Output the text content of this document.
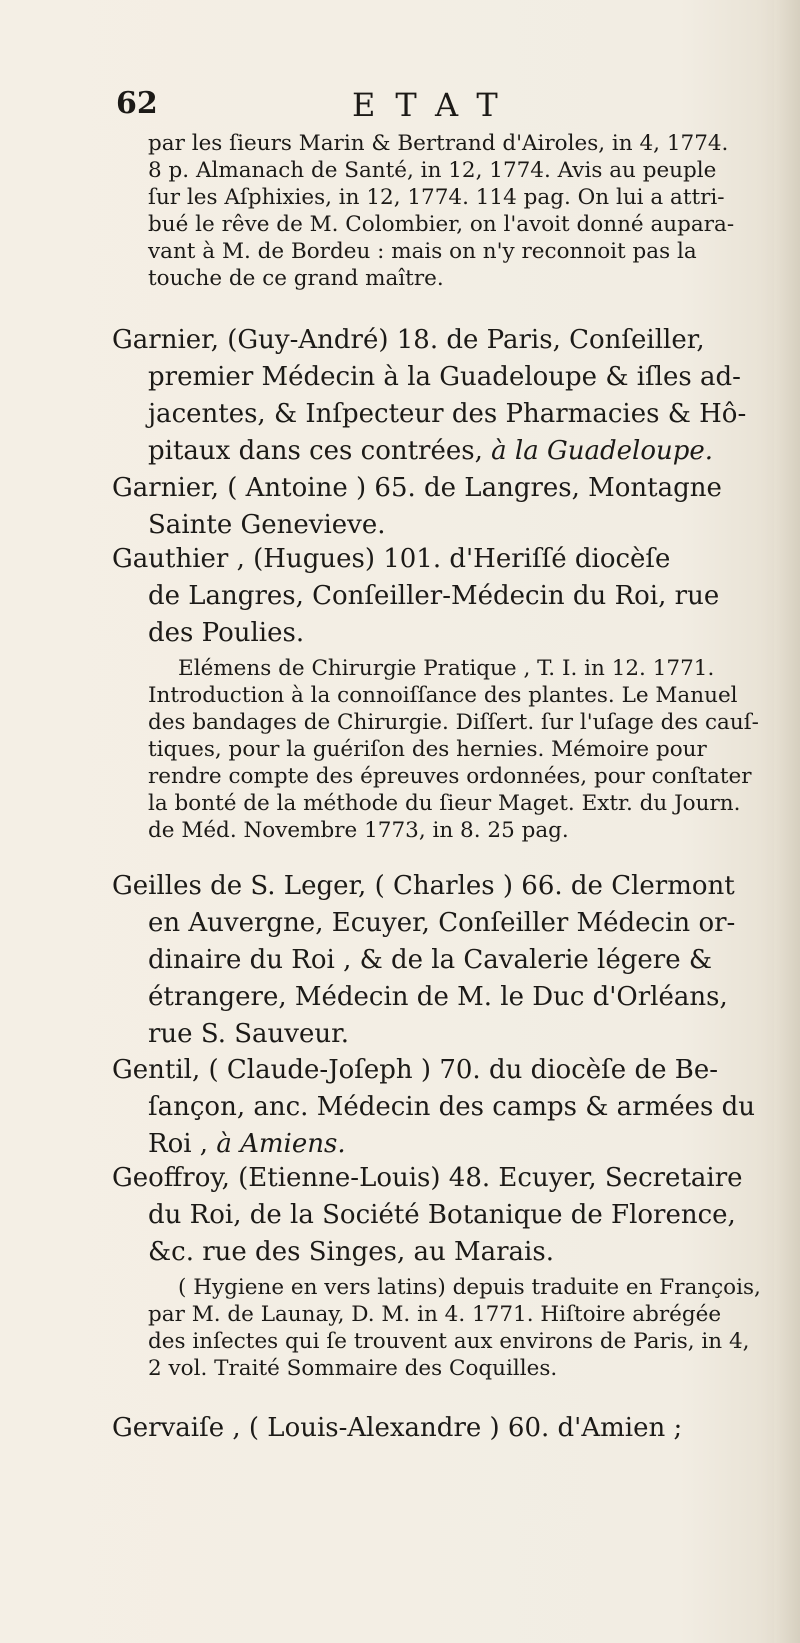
62	ETAT
par les ſieurs Marin & Bertrand d'Airoles, in 4, 1774.
8 p. Almanach de Santé, in 12, 1774. Avis au peuple
ſur les Aſphixies, in 12, 1774. 114 pag. On lui a attri-
bué le rêve de M. Colombier, on l'avoit donné aupara-
vant à M. de Bordeu : mais on n'y reconnoit pas la
touche de ce grand maître.
Garnier, (Guy-André) 18. de Paris, Conſeiller,
premier Médecin à la Guadeloupe & iſles ad-
jacentes, & Inſpecteur des Pharmacies & Hô-
pitaux dans ces contrées, à la Guadeloupe.
Garnier, ( Antoine ) 65. de Langres, Montagne
Sainte Genevieve.
Gauthier , (Hugues) 101. d'Heriſſé diocèſe
de Langres, Conſeiller-Médecin du Roi, rue
des Poulies.
Elémens de Chirurgie Pratique , T. I. in 12. 1771.
Introduction à la connoiſſance des plantes. Le Manuel
des bandages de Chirurgie. Diſſert. ſur l'uſage des cauſ-
tiques, pour la guériſon des hernies. Mémoire pour
rendre compte des épreuves ordonnées, pour conſtater
la bonté de la méthode du ſieur Maget. Extr. du Journ.
de Méd. Novembre 1773, in 8. 25 pag.
Geilles de S. Leger, ( Charles ) 66. de Clermont
en Auvergne, Ecuyer, Conſeiller Médecin or-
dinaire du Roi , & de la Cavalerie légere &
étrangere, Médecin de M. le Duc d'Orléans,
rue S. Sauveur.
Gentil, ( Claude-Joſeph ) 70. du diocèſe de Be-
ſançon, anc. Médecin des camps & armées du
Roi , à Amiens.
Geoffroy, (Etienne-Louis) 48. Ecuyer, Secretaire
du Roi, de la Société Botanique de Florence,
&c. rue des Singes, au Marais.
( Hygiene en vers latins) depuis traduite en François,
par M. de Launay, D. M. in 4. 1771. Hiſtoire abrégée
des inſectes qui ſe trouvent aux environs de Paris, in 4,
2 vol. Traité Sommaire des Coquilles.
Gervaiſe , ( Louis-Alexandre ) 60. d'Amien ;
